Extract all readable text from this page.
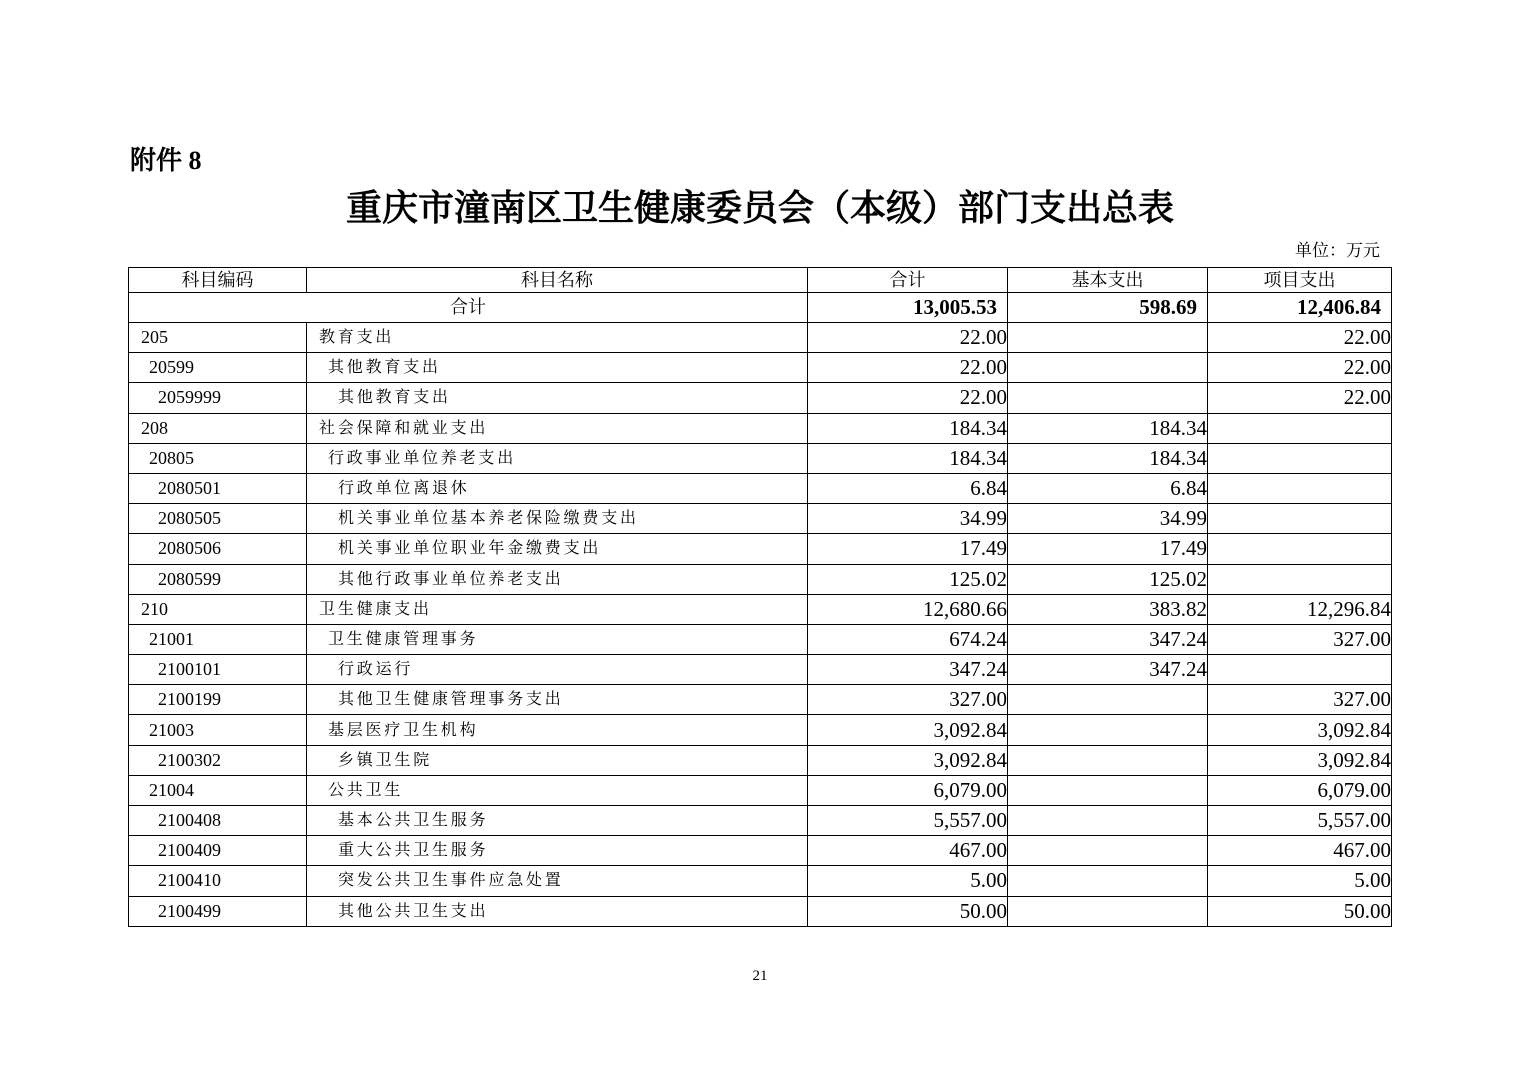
附件 8
重庆市潼南区卫生健康委员会（本级）部门支出总表
单位：万元
科目编码	科目名称	合计	基本支出	项目支出
合计		13,005.53	598.69	12,406.84
205	教育支出	22.00		22.00
20599	其他教育支出	22.00		22.00
2059999	其他教育支出	22.00		22.00
208	社会保障和就业支出	184.34	184.34	
20805	行政事业单位养老支出	184.34	184.34	
2080501	行政单位离退休	6.84	6.84	
2080505	机关事业单位基本养老保险缴费支出	34.99	34.99	
2080506	机关事业单位职业年金缴费支出	17.49	17.49	
2080599	其他行政事业单位养老支出	125.02	125.02	
210	卫生健康支出	12,680.66	383.82	12,296.84
21001	卫生健康管理事务	674.24	347.24	327.00
2100101	行政运行	347.24	347.24	
2100199	其他卫生健康管理事务支出	327.00		327.00
21003	基层医疗卫生机构	3,092.84		3,092.84
2100302	乡镇卫生院	3,092.84		3,092.84
21004	公共卫生	6,079.00		6,079.00
2100408	基本公共卫生服务	5,557.00		5,557.00
2100409	重大公共卫生服务	467.00		467.00
2100410	突发公共卫生事件应急处置	5.00		5.00
2100499	其他公共卫生支出	50.00		50.00
21
